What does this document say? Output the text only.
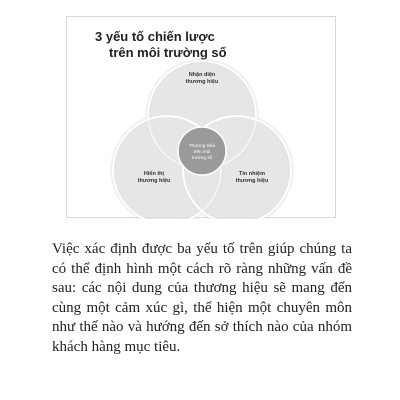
3 yếu tố chiến lược
trên môi trường số
Nhận diện
thương hiệu
Hiển thị
thương hiệu
Tín nhiệm
thương hiệu
Thương hiệu
trên môi
trường số

Việc xác định được ba yếu tố trên giúp chúng ta có thể định hình một cách rõ ràng những vấn đề sau: các nội dung của thương hiệu sẽ mang đến cùng một cảm xúc gì, thể hiện một chuyên môn như thế nào và hướng đến sở thích nào của nhóm khách hàng mục tiêu.
